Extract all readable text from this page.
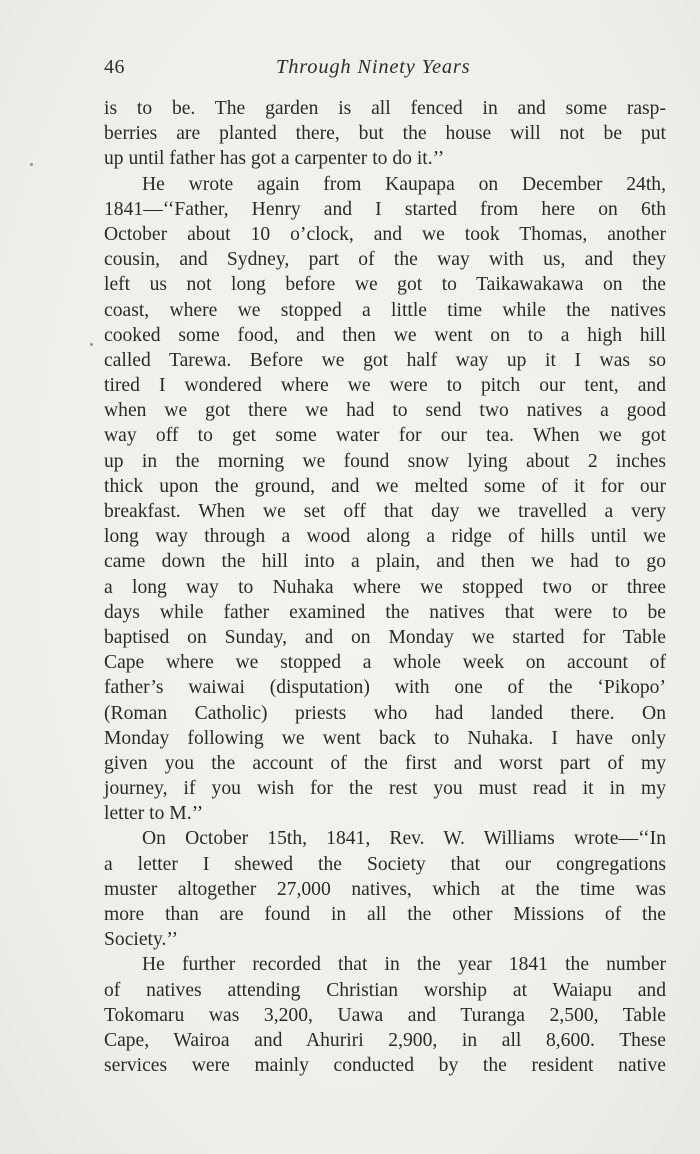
46	Through Ninety Years
is to be. The garden is all fenced in and some rasp-
berries are planted there, but the house will not be put
up until father has got a carpenter to do it.’’
He wrote again from Kaupapa on December 24th,
1841—‘‘Father, Henry and I started from here on 6th
October about 10 o’clock, and we took Thomas, another
cousin, and Sydney, part of the way with us, and they
left us not long before we got to Taikawakawa on the
coast, where we stopped a little time while the natives
cooked some food, and then we went on to a high hill
called Tarewa. Before we got half way up it I was so
tired I wondered where we were to pitch our tent, and
when we got there we had to send two natives a good
way off to get some water for our tea. When we got
up in the morning we found snow lying about 2 inches
thick upon the ground, and we melted some of it for our
breakfast. When we set off that day we travelled a very
long way through a wood along a ridge of hills until we
came down the hill into a plain, and then we had to go
a long way to Nuhaka where we stopped two or three
days while father examined the natives that were to be
baptised on Sunday, and on Monday we started for Table
Cape where we stopped a whole week on account of
father’s waiwai (disputation) with one of the ‘Pikopo’
(Roman Catholic) priests who had landed there. On
Monday following we went back to Nuhaka. I have only
given you the account of the first and worst part of my
journey, if you wish for the rest you must read it in my
letter to M.’’
On October 15th, 1841, Rev. W. Williams wrote—‘‘In
a letter I shewed the Society that our congregations
muster altogether 27,000 natives, which at the time was
more than are found in all the other Missions of the
Society.’’
He further recorded that in the year 1841 the number
of natives attending Christian worship at Waiapu and
Tokomaru was 3,200, Uawa and Turanga 2,500, Table
Cape, Wairoa and Ahuriri 2,900, in all 8,600. These
services were mainly conducted by the resident native
